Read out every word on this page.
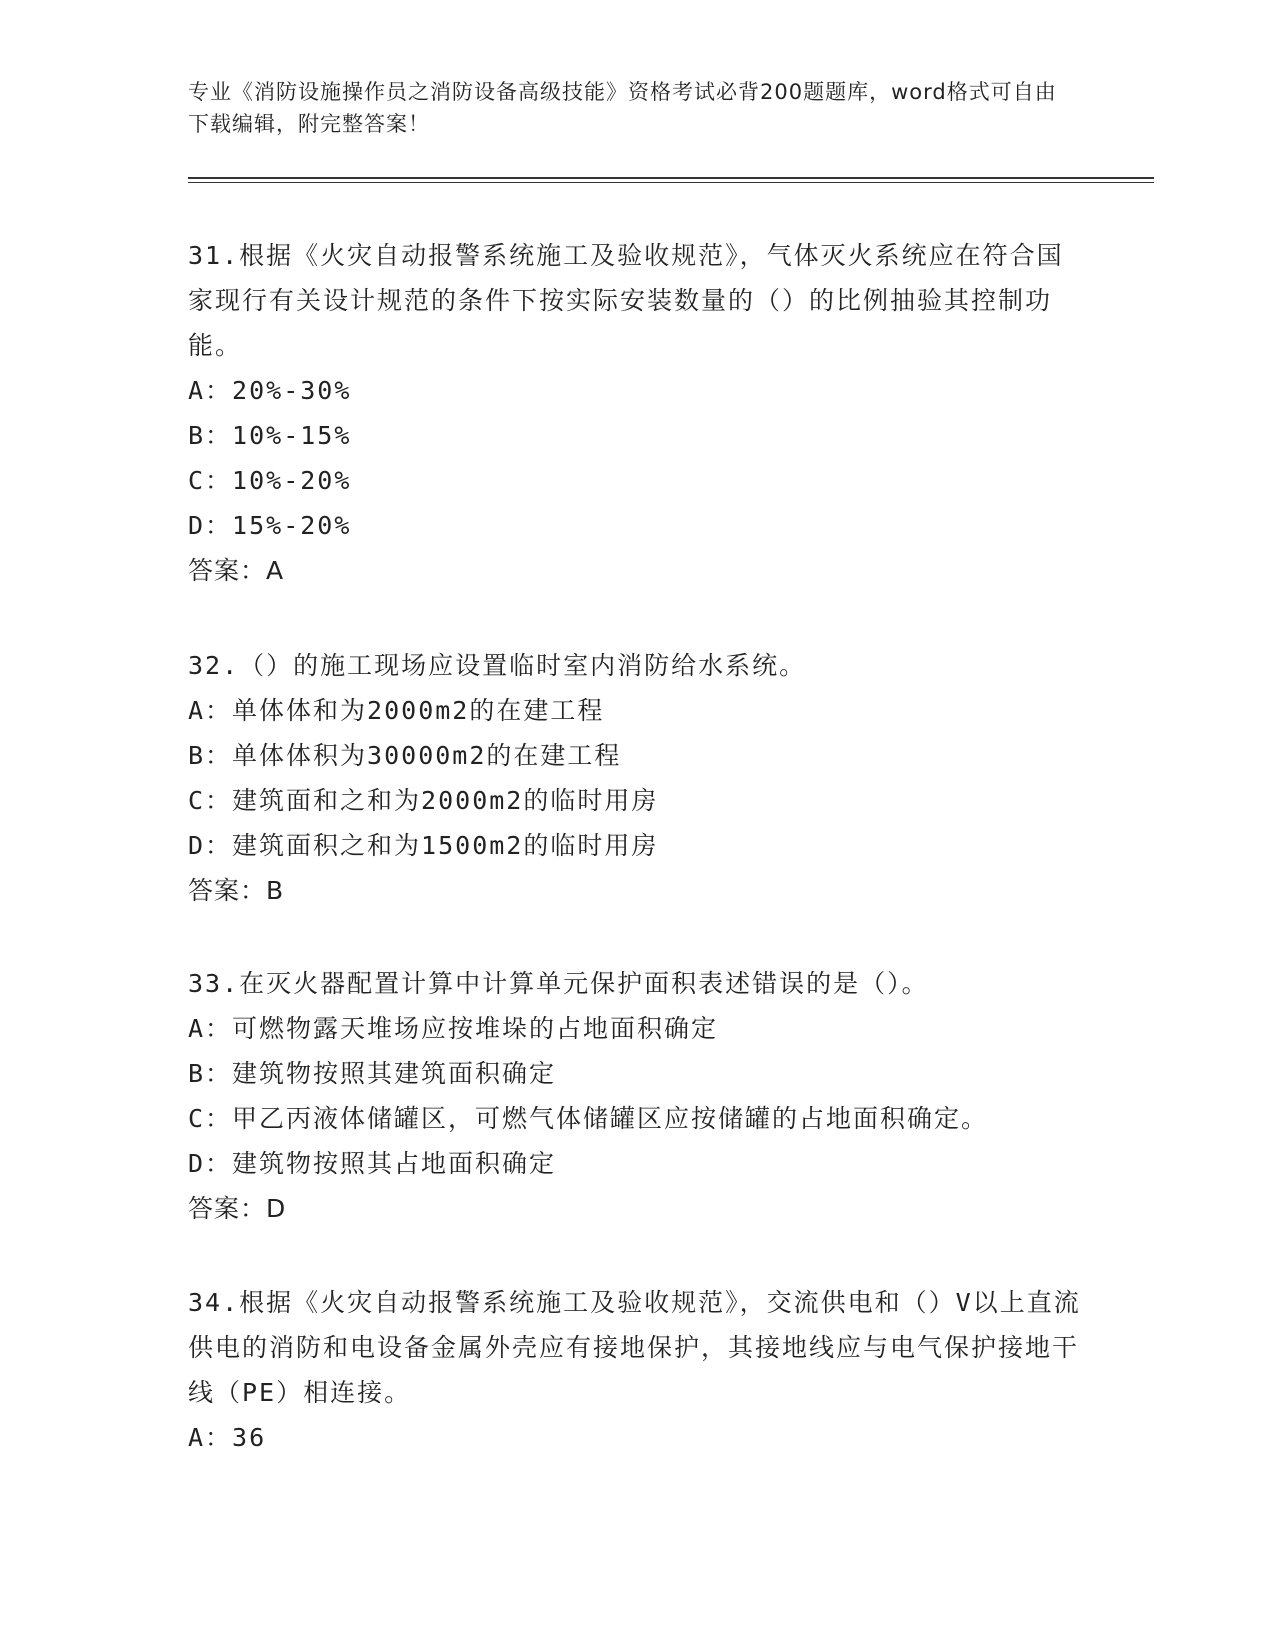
专业《消防设施操作员之消防设备高级技能》资格考试必背200题题库，word格式可自由下载编辑，附完整答案！

31.根据《火灾自动报警系统施工及验收规范》，气体灭火系统应在符合国家现行有关设计规范的条件下按实际安装数量的（）的比例抽验其控制功能。

A：20%-30%

B：10%-15%

C：10%-20%

D：15%-20%

答案：A

32.（）的施工现场应设置临时室内消防给水系统。

A：单体体和为2000m2的在建工程

B：单体体积为30000m2的在建工程

C：建筑面和之和为2000m2的临时用房

D：建筑面积之和为1500m2的临时用房

答案：B

33.在灭火器配置计算中计算单元保护面积表述错误的是（）。

A：可燃物露天堆场应按堆垛的占地面积确定

B：建筑物按照其建筑面积确定

C：甲乙丙液体储罐区，可燃气体储罐区应按储罐的占地面积确定。

D：建筑物按照其占地面积确定

答案：D

34.根据《火灾自动报警系统施工及验收规范》，交流供电和（）V以上直流供电的消防和电设备金属外壳应有接地保护，其接地线应与电气保护接地干线（PE）相连接。

A：36
